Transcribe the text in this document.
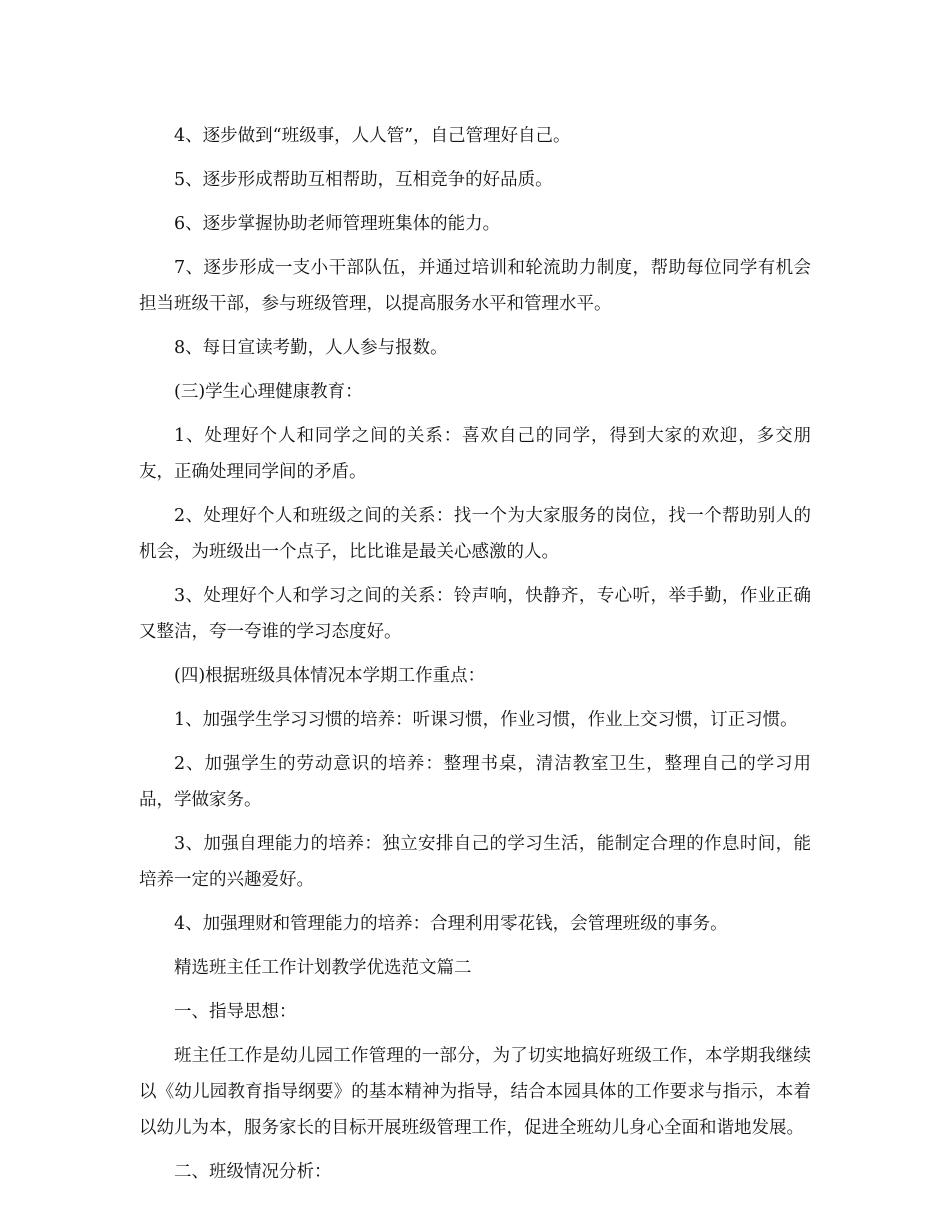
4、逐步做到“班级事，人人管”，自己管理好自己。

5、逐步形成帮助互相帮助，互相竞争的好品质。

6、逐步掌握协助老师管理班集体的能力。

7、逐步形成一支小干部队伍，并通过培训和轮流助力制度，帮助每位同学有机会担当班级干部，参与班级管理，以提高服务水平和管理水平。

8、每日宣读考勤，人人参与报数。

(三)学生心理健康教育：

1、处理好个人和同学之间的关系：喜欢自己的同学，得到大家的欢迎，多交朋友，正确处理同学间的矛盾。

2、处理好个人和班级之间的关系：找一个为大家服务的岗位，找一个帮助别人的机会，为班级出一个点子，比比谁是最关心感激的人。

3、处理好个人和学习之间的关系：铃声响，快静齐，专心听，举手勤，作业正确又整洁，夸一夸谁的学习态度好。

(四)根据班级具体情况本学期工作重点：

1、加强学生学习习惯的培养：听课习惯，作业习惯，作业上交习惯，订正习惯。

2、加强学生的劳动意识的培养：整理书桌，清洁教室卫生，整理自己的学习用品，学做家务。

3、加强自理能力的培养：独立安排自己的学习生活，能制定合理的作息时间，能培养一定的兴趣爱好。

4、加强理财和管理能力的培养：合理利用零花钱，会管理班级的事务。

精选班主任工作计划教学优选范文篇二

一、指导思想：

班主任工作是幼儿园工作管理的一部分，为了切实地搞好班级工作，本学期我继续以《幼儿园教育指导纲要》的基本精神为指导，结合本园具体的工作要求与指示，本着以幼儿为本，服务家长的目标开展班级管理工作，促进全班幼儿身心全面和谐地发展。

二、班级情况分析：
